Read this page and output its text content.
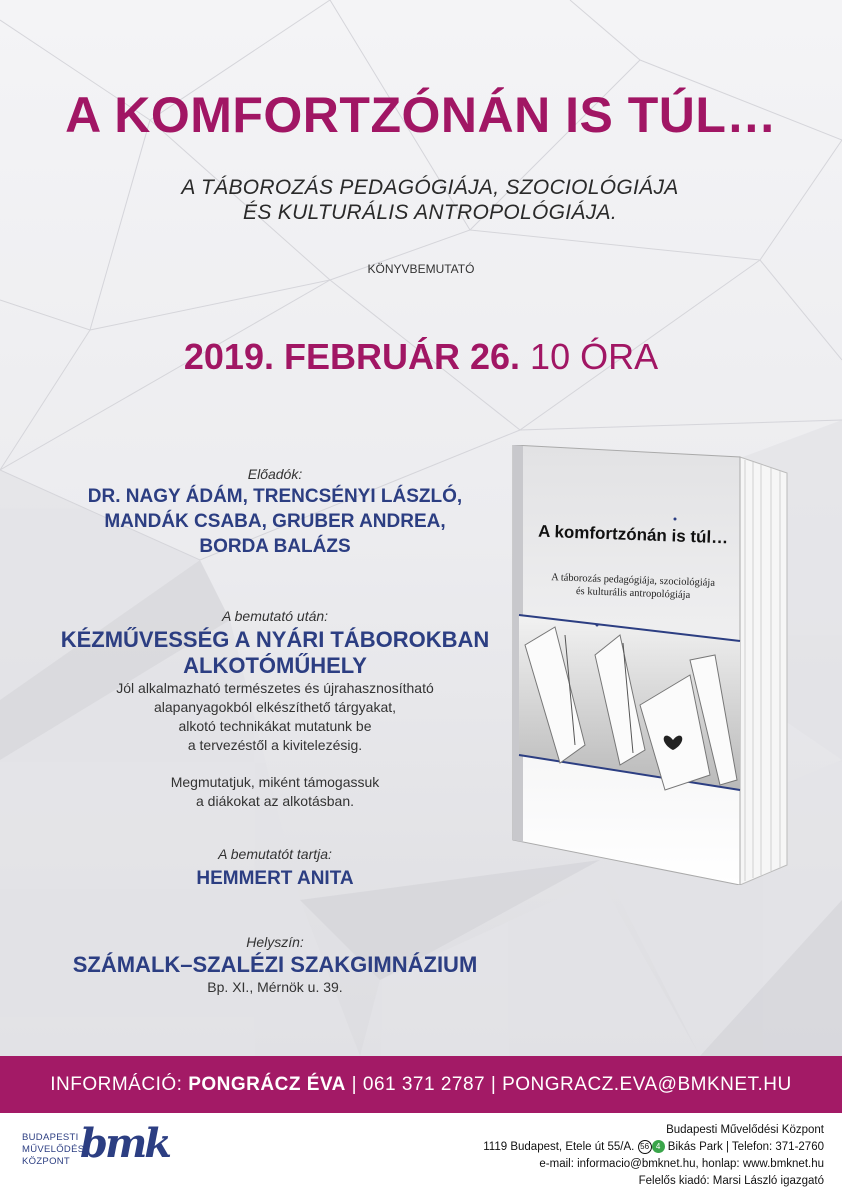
A KOMFORTZÓNÁN IS TÚL…
A TÁBOROZÁS PEDAGÓGIÁJA, SZOCIOLÓGIÁJA
ÉS KULTURÁLIS ANTROPOLÓGIÁJA.
KÖNYVBEMUTATÓ
2019. FEBRUÁR 26. 10 ÓRA
Előadók:
DR. NAGY ÁDÁM, TRENCSÉNYI LÁSZLÓ,
MANDÁK CSABA, GRUBER ANDREA,
BORDA BALÁZS
A bemutató után:
KÉZMŰVESSÉG A NYÁRI TÁBOROKBAN
ALKOTÓMŰHELY
Jól alkalmazható természetes és újrahasznosítható
alapanyagokból elkészíthető tárgyakat,
alkotó technikákat mutatunk be
a tervezéstől a kivitelezésig.
Megmutatjuk, miként támogassuk
a diákokat az alkotásban.
A bemutatót tartja:
HEMMERT ANITA
Helyszín:
SZÁMALK–SZALÉZI SZAKGIMNÁZIUM
Bp. XI., Mérnök u. 39.
A komfortzónán is túl…
A táborozás pedagógiája, szociológiája
és kulturális antropológiája
INFORMÁCIÓ: PONGRÁCZ ÉVA | 061 371 2787 | PONGRACZ.EVA@BMKNET.HU
BUDAPESTI
MŰVELŐDÉSI
KÖZPONT bmk	Budapesti Művelődési Központ
1119 Budapest, Etele út 55/A. 56 4 Bikás Park | Telefon: 371-2760
e-mail: informacio@bmknet.hu, honlap: www.bmknet.hu
Felelős kiadó: Marsi László igazgató
